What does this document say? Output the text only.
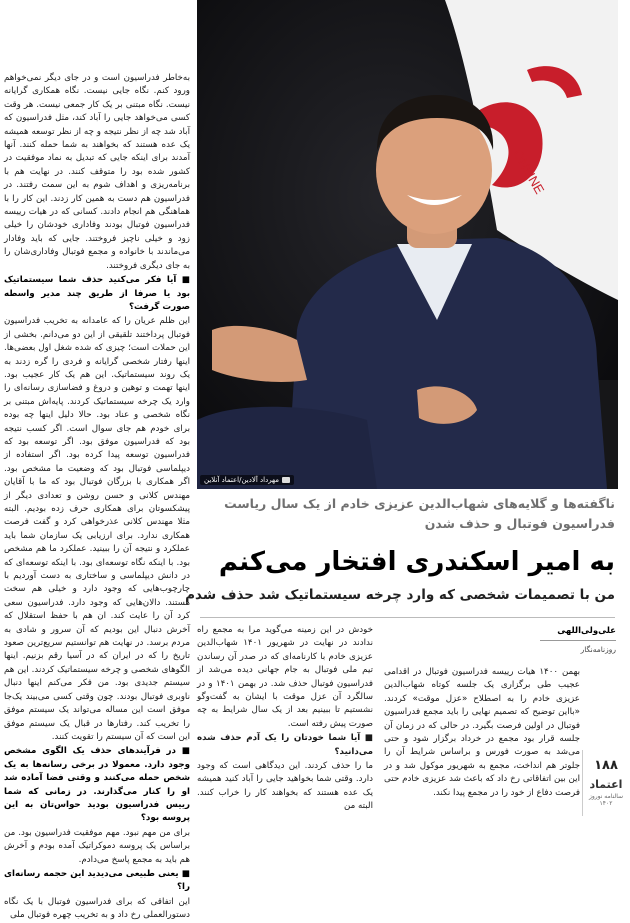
به‌خاطر فدراسیون است و در جای دیگر نمی‌خواهم ورود کنم. نگاه جایی نیست. نگاه همکاری گرایانه نیست. نگاه مبتنی بر یک کار جمعی نیست. هر وقت کسی می‌خواهد جایی را آباد کند، مثل فدراسیون که آباد شد چه از نظر نتیجه و چه از نظر توسعه همیشه یک عده هستند که بخواهند به شما حمله کنند. آنها آمدند برای اینکه جایی که تبدیل به نماد موفقیت در کشور شده بود را متوقف کنند. در نهایت هم با برنامه‌ریزی و اهداف شوم به این سمت رفتند. در فدراسیون هم دست به همین کار زدند. این کار را با هماهنگی هم انجام دادند. کسانی که در هیات رییسه فدراسیون فوتبال بودند وفاداری خودشان را خیلی زود و خیلی ناچیز فروختند. جایی که باید وفادار می‌ماندند با خانواده و مجمع فوتبال وفاداری‌شان را به جای دیگری فروختند.

■ آیا فکر می‌کنید حذف شما سیستماتیک بود یا صرفا از طریق چند مدیر واسطه صورت گرفت؟

این ظلم عریان را که عامدانه به تخریب فدراسیون فوتبال پرداختند تلقیقی از این دو می‌دانم. بخشی از این حملات است؛ چیزی که شده شغل اول بعضی‌ها. اینها رفتار شخصی گرایانه و فردی را گره زدند به یک روند سیستماتیک. این هم یک کار عجیب بود. اینها تهمت و توهین و دروغ و فضاسازی رسانه‌ای را وارد یک چرخه سیستماتیک کردند. پایه‌اش مبتنی بر نگاه شخصی و عناد بود. حالا دلیل اینها چه بوده برای خودم هم جای سوال است. اگر کسب نتیجه بود که فدراسیون موفق بود. اگر توسعه بود که فدراسیون توسعه پیدا کرده بود. اگر استفاده از دیپلماسی فوتبال بود که وضعیت ما مشخص بود. اگر همکاری با بزرگان فوتبال بود که ما با آقایان مهندس کلانی و حسن روشن و تعدادی دیگر از پیشکسوتان برای همکاری حرف زده بودیم. البته مثلا مهندس کلانی عذرخواهی کرد و گفت فرصت همکاری ندارد. برای ارزیابی یک سازمان شما باید عملکرد و نتیجه آن را ببینید. عملکرد ما هم مشخص بود. با اینکه نگاه توسعه‌ای بود. با اینکه توسعه‌ای که در دانش دیپلماسی و ساختاری به دست آوردیم با چارچوب‌هایی که وجود دارد و خیلی هم سخت هستند. دالان‌هایی که وجود دارد. فدراسیون سعی کرد آن را عایت کند. ان هم با حفظ استقلال که آخرش دنبال این بودیم که آن سرور و شادی به مردم برسد. در نهایت هم توانستیم سریع‌ترین صعود تاریخ را که در ایران که در آسیا رقم بزنیم. اینها الگوهای شخصی و چرخه سیستماتیک کردند. این هم سیستم جدیدی بود. من فکر می‌کنم اینها دنبال ناوبری فوتبال بودند. چون وقتی کسی می‌بیند یک‌جا موفق است این مساله می‌تواند یک سیستم موفق را تخریب کند. رفتارها در قبال یک سیستم موفق این است که آن سیستم را تقویت کنند.

■ در فرآیندهای حذف یک الگوی مشخص وجود دارد. معمولا در برخی رسانه‌ها به یک شخص حمله می‌کنند و وقتی فضا آماده شد او را کنار می‌گذارند. در زمانی که شما رییس فدراسیون بودید حواس‌تان به این پروسه بود؟

برای من مهم نبود. مهم موفقیت فدراسیون بود. من براساس یک پروسه دموکراتیک آمده بودم و آخرش هم باید به مجمع پاسخ می‌دادم.

■ یعنی طبیعی می‌دیدید این حجمه رسانه‌ای را؟

این اتفاقی که برای فدراسیون فوتبال با یک نگاه دستورالعملی رخ داد و به تخریب چهره فوتبال ملی

ONLINE
مهرداد آلادین/اعتماد آنلاین
ناگفته‌ها و گلایه‌های شهاب‌الدین عزیزی خادم از یک سال ریاست فدراسیون فوتبال و حذف شدن
به امیر اسکندری افتخار می‌کنم
من با تصمیمات شخصی که وارد چرخه سیستماتیک شد حذف شدم
علی‌ولی‌اللهی
روزنامه‌نگار

خودش در این زمینه می‌گوید مرا به مجمع راه ندادند در نهایت در شهریور ۱۴۰۱ شهاب‌الدین عزیزی خادم با کارنامه‌ای که در صدر آن رساندن تیم ملی فوتبال به جام جهانی دیده می‌شد از فدراسیون فوتبال حذف شد. در بهمن ۱۴۰۱ و در سالگرد آن عزل موقت با ایشان به گفت‌وگو نشستیم تا ببینیم بعد از یک سال شرایط به چه صورت پیش رفته است.

■ آیا شما خودتان را یک آدم حذف شده می‌دانید؟

ما را حذف کردند. این دیدگاهی است که وجود دارد. وقتی شما بخواهید جایی را آباد کنید همیشه یک عده هستند که بخواهند کار را خراب کنند. البته من

بهمن ۱۴۰۰ هیات رییسه فدراسیون فوتبال در اقدامی عجیب طی برگزاری یک جلسه کوتاه شهاب‌الدین عزیزی خادم را به اصطلاح «عزل موقت» کردند. «بااین توضیح که تصمیم نهایی را باید مجمع فدراسیون فوتبال در اولین فرصت بگیرد. در حالی که در زمان آن جلسه قرار بود مجمع در خرداد برگزار شود و حتی می‌شد به صورت فورس و براساس شرایط آن را جلوتر هم انداخت، مجمع به شهریور موکول شد و در این بین اتفاقاتی رخ داد که باعث شد عزیزی خادم حتی فرصت دفاع از خود را در مجمع پیدا نکند.
۱۸۸
اعتماد
سالنامه نوروز ۱۴۰۲
